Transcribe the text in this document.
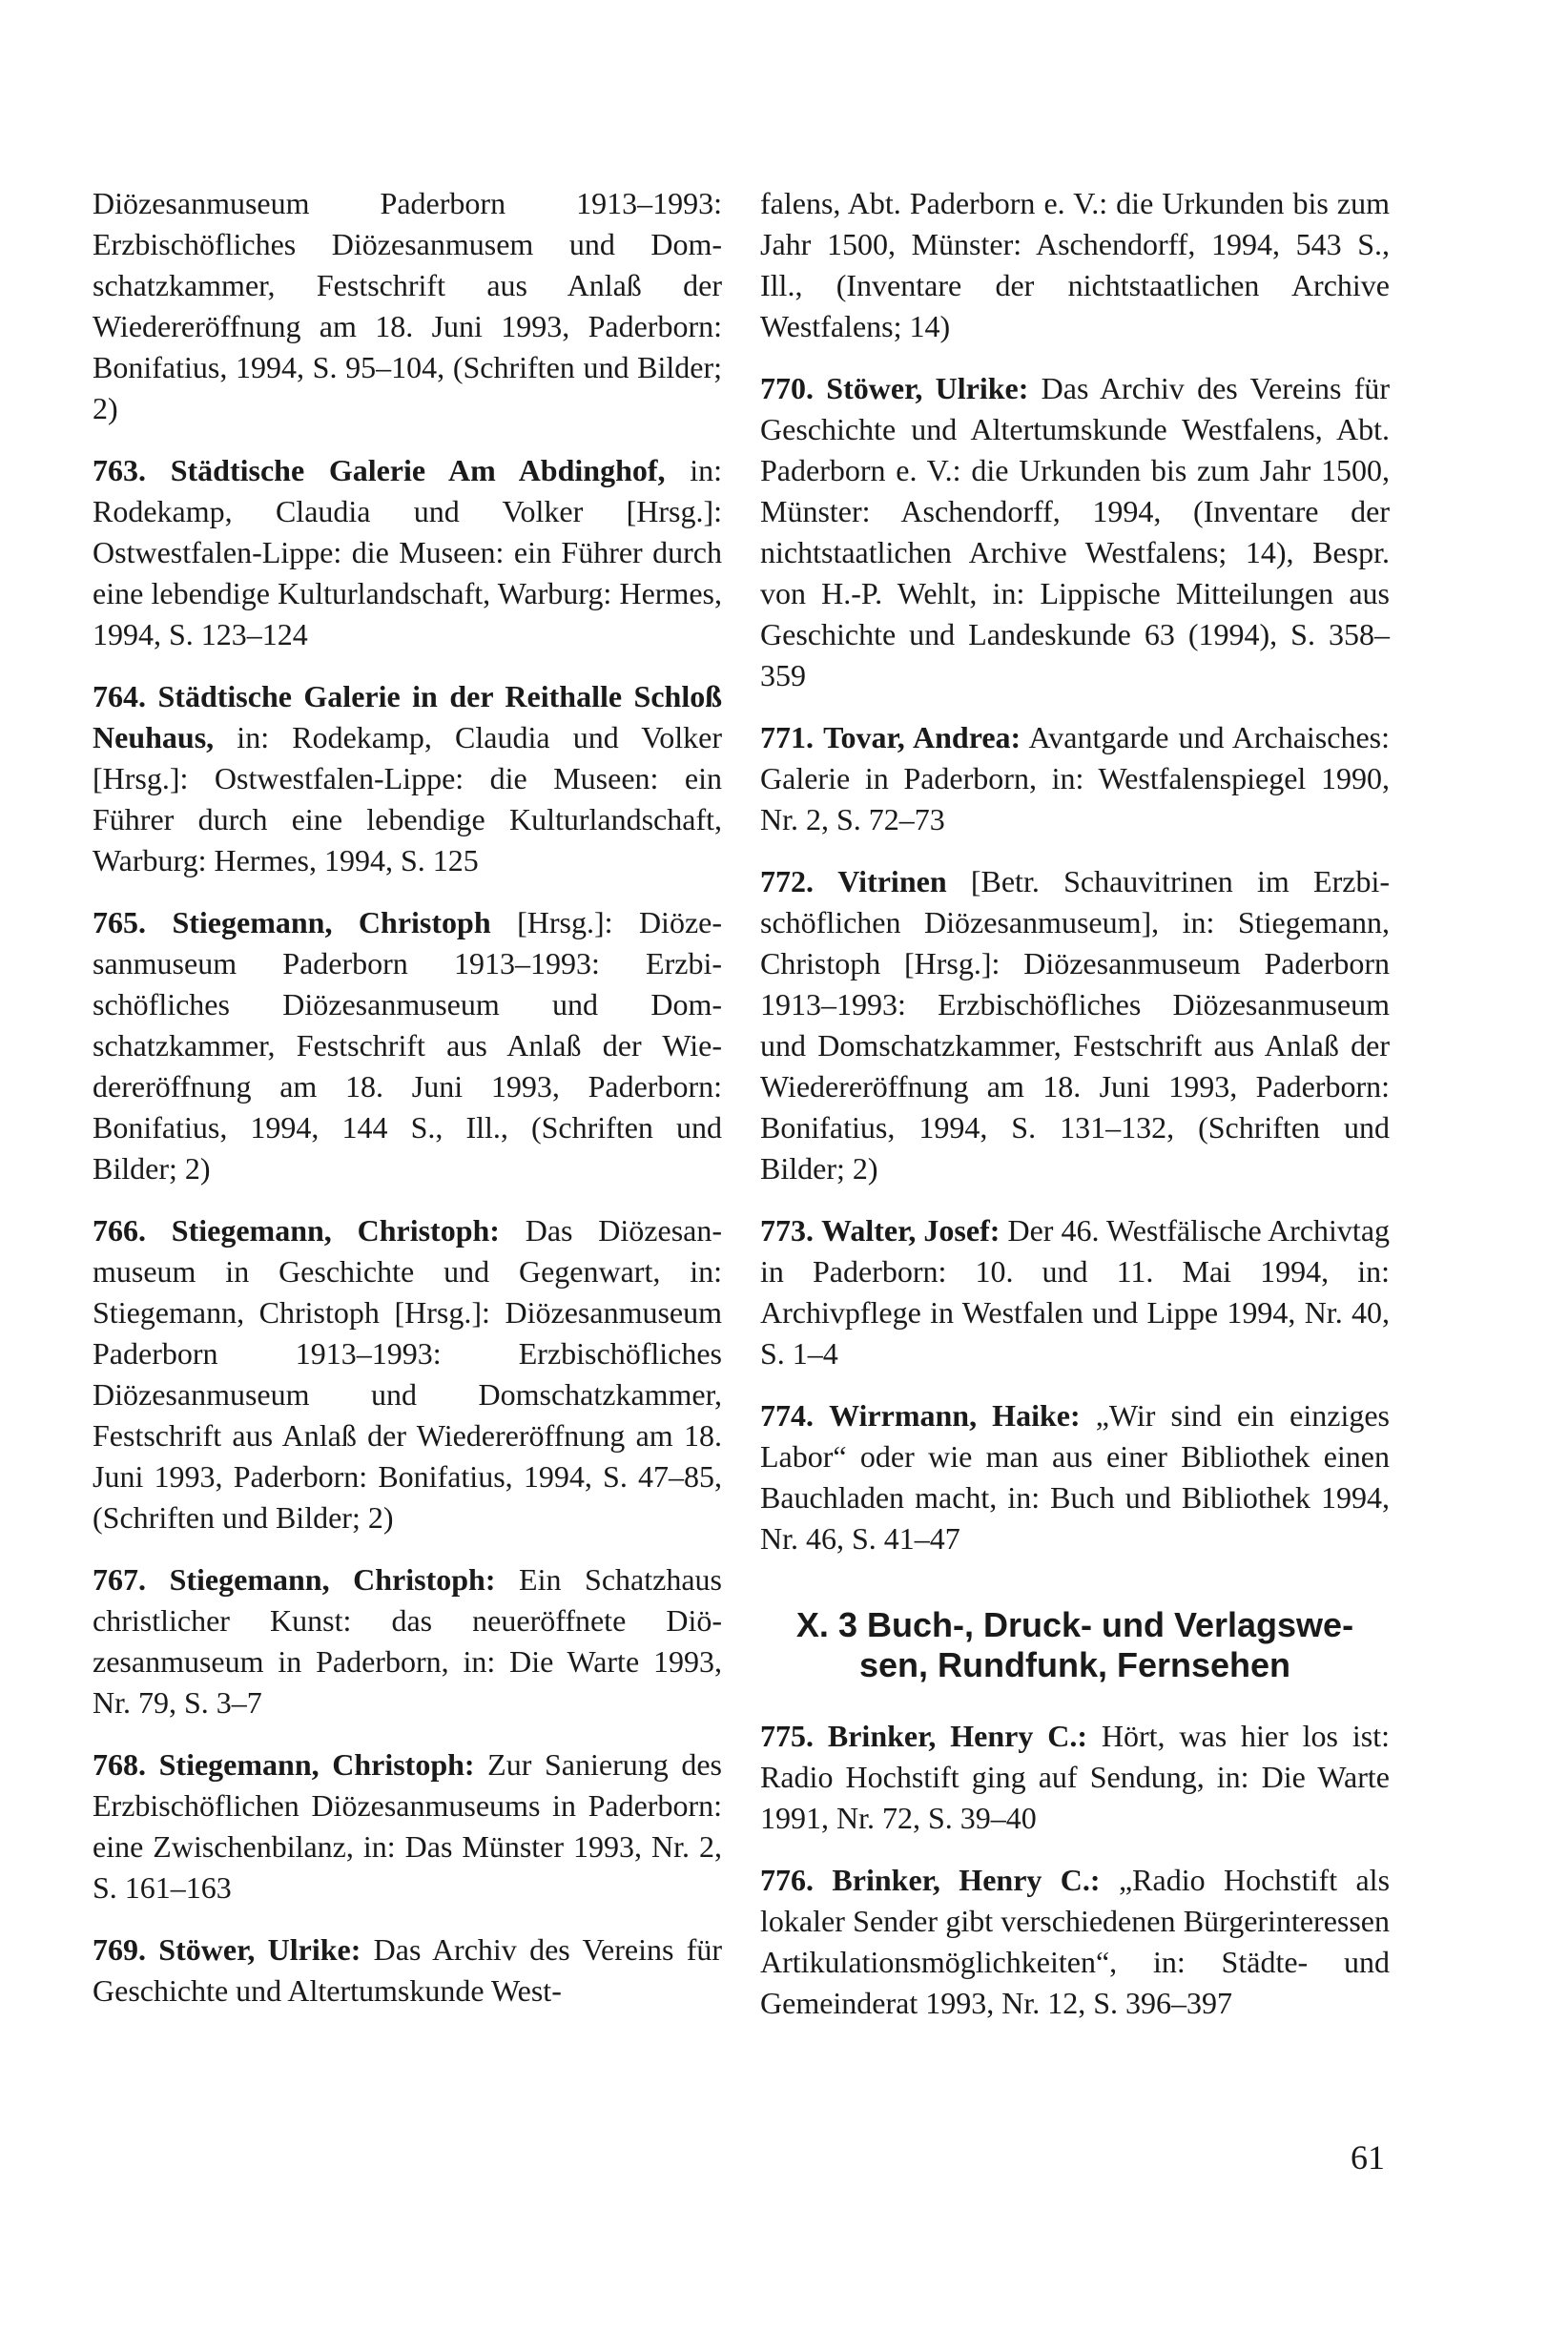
Diözesanmuseum Paderborn 1913–1993: Erzbischöfliches Diözesanmusem und Domschatzkammer, Festschrift aus Anlaß der Wiedereröffnung am 18. Juni 1993, Paderborn: Bonifatius, 1994, S. 95–104, (Schriften und Bilder; 2)

763. Städtische Galerie Am Abdinghof, in: Rodekamp, Claudia und Volker [Hrsg.]: Ostwestfalen-Lippe: die Museen: ein Führer durch eine lebendige Kulturlandschaft, Warburg: Hermes, 1994, S. 123–124

764. Städtische Galerie in der Reithalle Schloß Neuhaus, in: Rodekamp, Claudia und Volker [Hrsg.]: Ostwestfalen-Lippe: die Museen: ein Führer durch eine lebendige Kulturlandschaft, Warburg: Hermes, 1994, S. 125

765. Stiegemann, Christoph [Hrsg.]: Diözesanmuseum Paderborn 1913–1993: Erzbischöfliches Diözesanmuseum und Domschatzkammer, Festschrift aus Anlaß der Wiedereröffnung am 18. Juni 1993, Paderborn: Bonifatius, 1994, 144 S., Ill., (Schriften und Bilder; 2)

766. Stiegemann, Christoph: Das Diözesanmuseum in Geschichte und Gegenwart, in: Stiegemann, Christoph [Hrsg.]: Diözesanmuseum Paderborn 1913–1993: Erzbischöfliches Diözesanmuseum und Domschatzkammer, Festschrift aus Anlaß der Wiedereröffnung am 18. Juni 1993, Paderborn: Bonifatius, 1994, S. 47–85, (Schriften und Bilder; 2)

767. Stiegemann, Christoph: Ein Schatzhaus christlicher Kunst: das neueröffnete Diözesanmuseum in Paderborn, in: Die Warte 1993, Nr. 79, S. 3–7

768. Stiegemann, Christoph: Zur Sanierung des Erzbischöflichen Diözesanmuseums in Paderborn: eine Zwischenbilanz, in: Das Münster 1993, Nr. 2, S. 161–163

769. Stöwer, Ulrike: Das Archiv des Vereins für Geschichte und Altertumskunde West-

falens, Abt. Paderborn e. V.: die Urkunden bis zum Jahr 1500, Münster: Aschendorff, 1994, 543 S., Ill., (Inventare der nichtstaatlichen Archive Westfalens; 14)

770. Stöwer, Ulrike: Das Archiv des Vereins für Geschichte und Altertumskunde Westfalens, Abt. Paderborn e. V.: die Urkunden bis zum Jahr 1500, Münster: Aschendorff, 1994, (Inventare der nichtstaatlichen Archive Westfalens; 14), Bespr. von H.-P. Wehlt, in: Lippische Mitteilungen aus Geschichte und Landeskunde 63 (1994), S. 358–359

771. Tovar, Andrea: Avantgarde und Archaisches: Galerie in Paderborn, in: Westfalenspiegel 1990, Nr. 2, S. 72–73

772. Vitrinen [Betr. Schauvitrinen im Erzbischöflichen Diözesanmuseum], in: Stiegemann, Christoph [Hrsg.]: Diözesanmuseum Paderborn 1913–1993: Erzbischöfliches Diözesanmuseum und Domschatzkammer, Festschrift aus Anlaß der Wiedereröffnung am 18. Juni 1993, Paderborn: Bonifatius, 1994, S. 131–132, (Schriften und Bilder; 2)

773. Walter, Josef: Der 46. Westfälische Archivtag in Paderborn: 10. und 11. Mai 1994, in: Archivpflege in Westfalen und Lippe 1994, Nr. 40, S. 1–4

774. Wirrmann, Haike: „Wir sind ein einziges Labor“ oder wie man aus einer Bibliothek einen Bauchladen macht, in: Buch und Bibliothek 1994, Nr. 46, S. 41–47

X. 3 Buch-, Druck- und Verlagswesen, Rundfunk, Fernsehen

775. Brinker, Henry C.: Hört, was hier los ist: Radio Hochstift ging auf Sendung, in: Die Warte 1991, Nr. 72, S. 39–40

776. Brinker, Henry C.: „Radio Hochstift als lokaler Sender gibt verschiedenen Bürgerinteressen Artikulationsmöglichkeiten“, in: Städte- und Gemeinderat 1993, Nr. 12, S. 396–397

61
